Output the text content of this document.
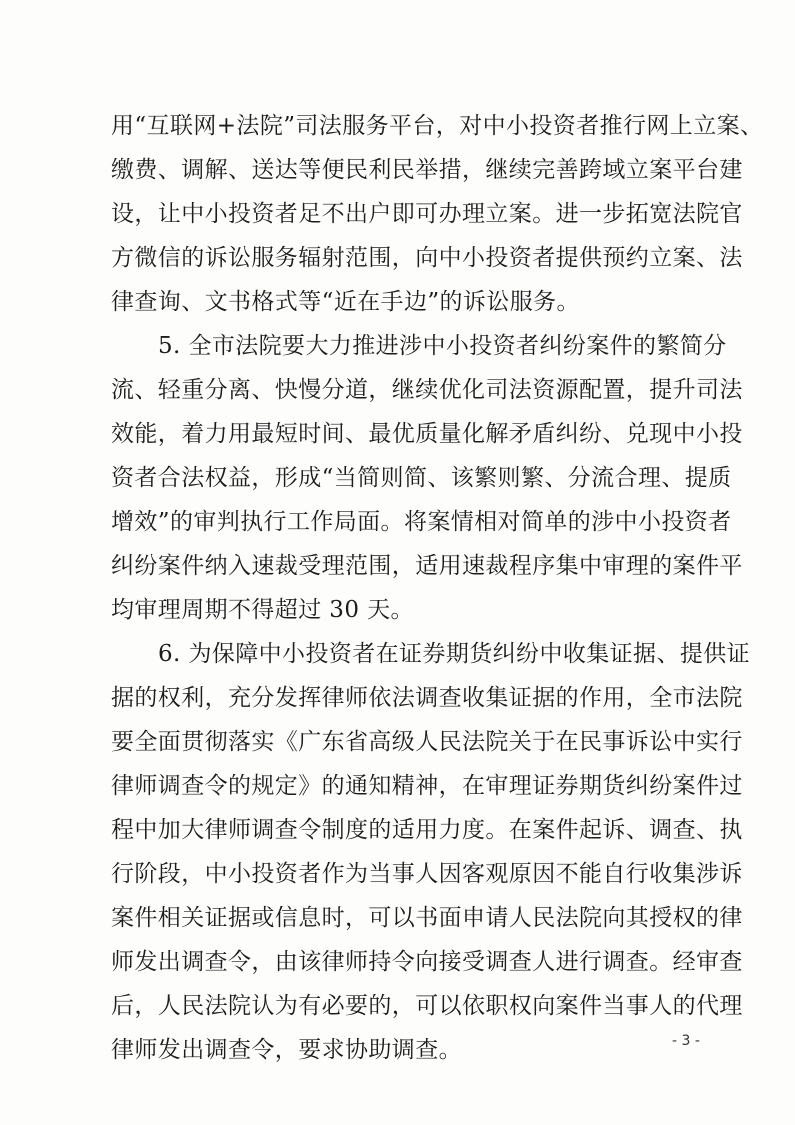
用“互联网+法院”司法服务平台，对中小投资者推行网上立案、
缴费、调解、送达等便民利民举措，继续完善跨域立案平台建
设，让中小投资者足不出户即可办理立案。进一步拓宽法院官
方微信的诉讼服务辐射范围，向中小投资者提供预约立案、法
律查询、文书格式等“近在手边”的诉讼服务。
5. 全市法院要大力推进涉中小投资者纠纷案件的繁简分
流、轻重分离、快慢分道，继续优化司法资源配置，提升司法
效能，着力用最短时间、最优质量化解矛盾纠纷、兑现中小投
资者合法权益，形成“当简则简、该繁则繁、分流合理、提质
增效”的审判执行工作局面。将案情相对简单的涉中小投资者
纠纷案件纳入速裁受理范围，适用速裁程序集中审理的案件平
均审理周期不得超过 30 天。
6. 为保障中小投资者在证券期货纠纷中收集证据、提供证
据的权利，充分发挥律师依法调查收集证据的作用，全市法院
要全面贯彻落实《广东省高级人民法院关于在民事诉讼中实行
律师调查令的规定》的通知精神，在审理证券期货纠纷案件过
程中加大律师调查令制度的适用力度。在案件起诉、调查、执
行阶段，中小投资者作为当事人因客观原因不能自行收集涉诉
案件相关证据或信息时，可以书面申请人民法院向其授权的律
师发出调查令，由该律师持令向接受调查人进行调查。经审查
后，人民法院认为有必要的，可以依职权向案件当事人的代理
律师发出调查令，要求协助调查。	- 3 -
